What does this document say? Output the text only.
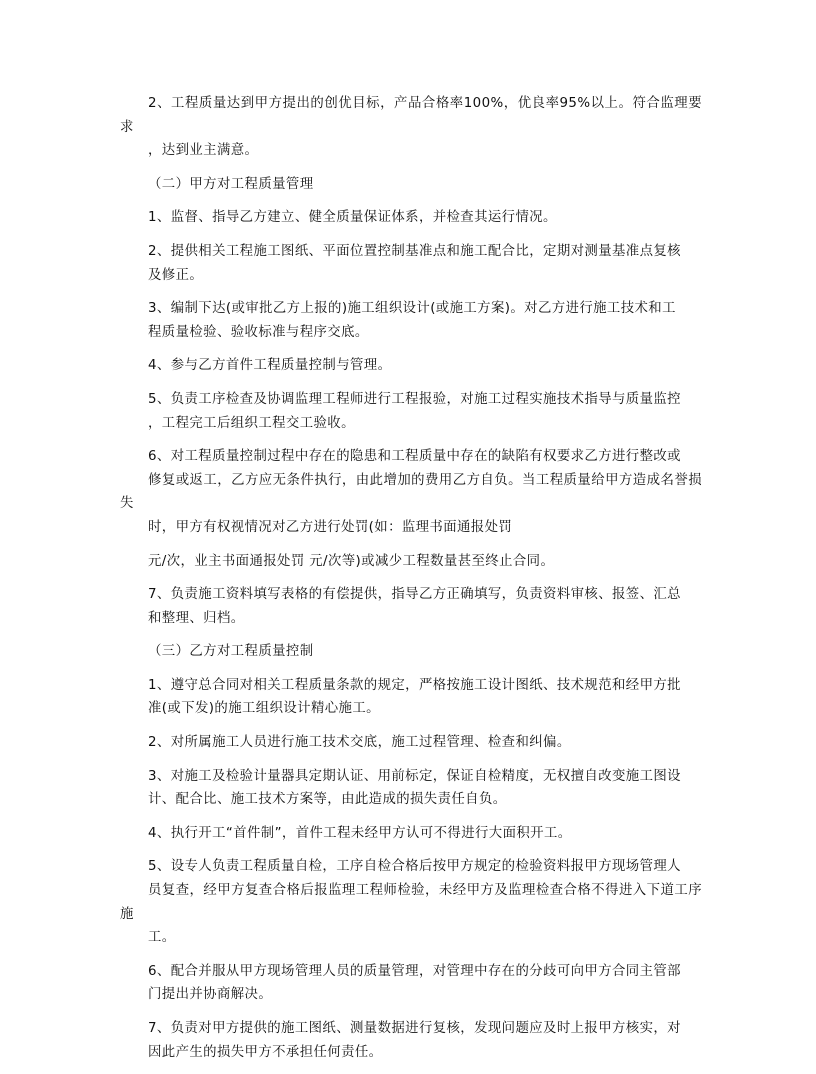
2、工程质量达到甲方提出的创优目标，产品合格率100%，优良率95%以上。符合监理要求
，达到业主满意。

（二）甲方对工程质量管理

1、监督、指导乙方建立、健全质量保证体系，并检查其运行情况。

2、提供相关工程施工图纸、平面位置控制基准点和施工配合比，定期对测量基准点复核
及修正。

3、编制下达(或审批乙方上报的)施工组织设计(或施工方案)。对乙方进行施工技术和工
程质量检验、验收标准与程序交底。

4、参与乙方首件工程质量控制与管理。

5、负责工序检查及协调监理工程师进行工程报验，对施工过程实施技术指导与质量监控
，工程完工后组织工程交工验收。

6、对工程质量控制过程中存在的隐患和工程质量中存在的缺陷有权要求乙方进行整改或
修复或返工，乙方应无条件执行，由此增加的费用乙方自负。当工程质量给甲方造成名誉损失
时，甲方有权视情况对乙方进行处罚(如：监理书面通报处罚

元/次，业主书面通报处罚 元/次等)或减少工程数量甚至终止合同。

7、负责施工资料填写表格的有偿提供，指导乙方正确填写，负责资料审核、报签、汇总
和整理、归档。

（三）乙方对工程质量控制

1、遵守总合同对相关工程质量条款的规定，严格按施工设计图纸、技术规范和经甲方批
准(或下发)的施工组织设计精心施工。

2、对所属施工人员进行施工技术交底，施工过程管理、检查和纠偏。

3、对施工及检验计量器具定期认证、用前标定，保证自检精度，无权擅自改变施工图设
计、配合比、施工技术方案等，由此造成的损失责任自负。

4、执行开工“首件制”，首件工程未经甲方认可不得进行大面积开工。

5、设专人负责工程质量自检，工序自检合格后按甲方规定的检验资料报甲方现场管理人
员复查，经甲方复查合格后报监理工程师检验，未经甲方及监理检查合格不得进入下道工序施
工。

6、配合并服从甲方现场管理人员的质量管理，对管理中存在的分歧可向甲方合同主管部
门提出并协商解决。

7、负责对甲方提供的施工图纸、测量数据进行复核，发现问题应及时上报甲方核实，对
因此产生的损失甲方不承担任何责任。
